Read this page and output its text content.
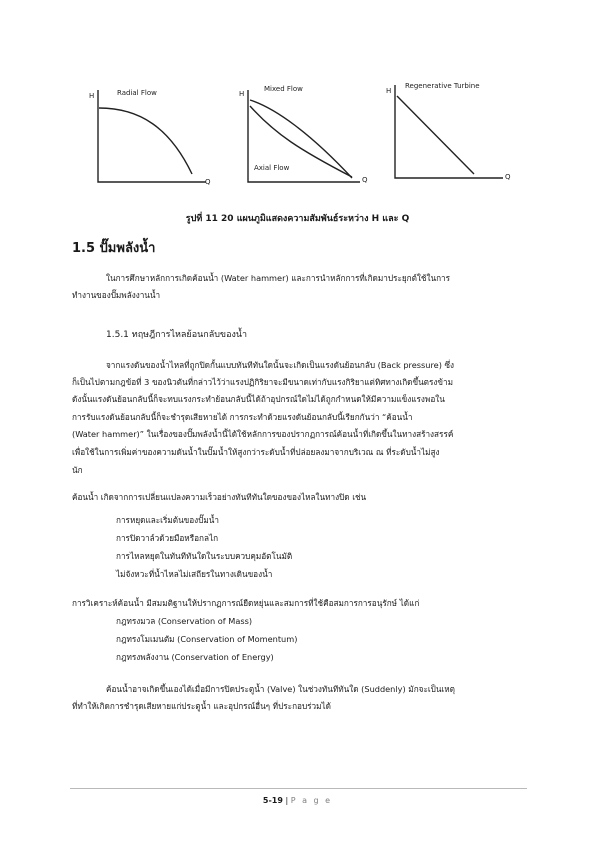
H	Radial Flow
Q
H
Mixed Flow
Axial Flow
Q
H
Regenerative Turbine
Q
รูปที่ 11 20 แผนภูมิแสดงความสัมพันธ์ระหว่าง H และ Q
1.5 ปั๊มพลังน้ำ
ในการศึกษาหลักการเกิดค้อนน้ำ (Water hammer) และการนำหลักการที่เกิดมาประยุกต์ใช้ในการ
ทำงานของปั๊มพลังงานน้ำ
1.5.1 ทฤษฎีการไหลย้อนกลับของน้ำ
จากแรงดันของน้ำไหลที่ถูกปิดกั้นแบบทันทีทันใดนั้นจะเกิดเป็นแรงดันย้อนกลับ (Back pressure) ซึ่ง
ก็เป็นไปตามกฎข้อที่ 3 ของนิวตันที่กล่าวไว้ว่าแรงปฏิกิริยาจะมีขนาดเท่ากับแรงกิริยาแต่ทิศทางเกิดขึ้นตรงข้าม
ดังนั้นแรงดันย้อนกลับนี้ก็จะทบแรงกระทำย้อนกลับนี้ได้ถ้าอุปกรณ์ใดไม่ได้ถูกกำหนดให้มีความแข็งแรงพอใน
การรับแรงดันย้อนกลับนี้ก็จะชำรุดเสียหายได้ การกระทำด้วยแรงดันย้อนกลับนี้เรียกกันว่า “ค้อนน้ำ
(Water hammer)” ในเรื่องของปั๊มพลังน้ำนี้ได้ใช้หลักการของปรากฏการณ์ค้อนน้ำที่เกิดขึ้นในทางสร้างสรรค์
เพื่อใช้ในการเพิ่มค่าของความดันน้ำในปั๊มน้ำให้สูงกว่าระดับน้ำที่ปล่อยลงมาจากบริเวณ ณ ที่ระดับน้ำไม่สูง
นัก
ค้อนน้ำ เกิดจากการเปลี่ยนแปลงความเร็วอย่างทันทีทันใดของของไหลในทางปิด เช่น
การหยุดและเริ่มต้นของปั๊มน้ำ
การปิดวาล์วด้วยมือหรือกลไก
การไหลหยุดในทันทีทันใดในระบบควบคุมอัตโนมัติ
ไม่จังหวะที่น้ำไหลไม่เสถียรในทางเดินของน้ำ
การวิเคราะห์ค้อนน้ำ มีสมมติฐานให้ปรากฏการณ์ยืดหยุ่นและสมการที่ใช้คือสมการการอนุรักษ์ ได้แก่
กฎทรงมวล (Conservation of Mass)
กฎทรงโมเมนตัม (Conservation of Momentum)
กฎทรงพลังงาน (Conservation of Energy)
ค้อนน้ำอาจเกิดขึ้นเองได้เมื่อมีการปิดประตูน้ำ (Valve) ในช่วงทันทีทันใด (Suddenly) มักจะเป็นเหตุ
ที่ทำให้เกิดการชำรุดเสียหายแก่ประตูน้ำ และอุปกรณ์อื่นๆ ที่ประกอบร่วมได้
5-19 | P a g e
